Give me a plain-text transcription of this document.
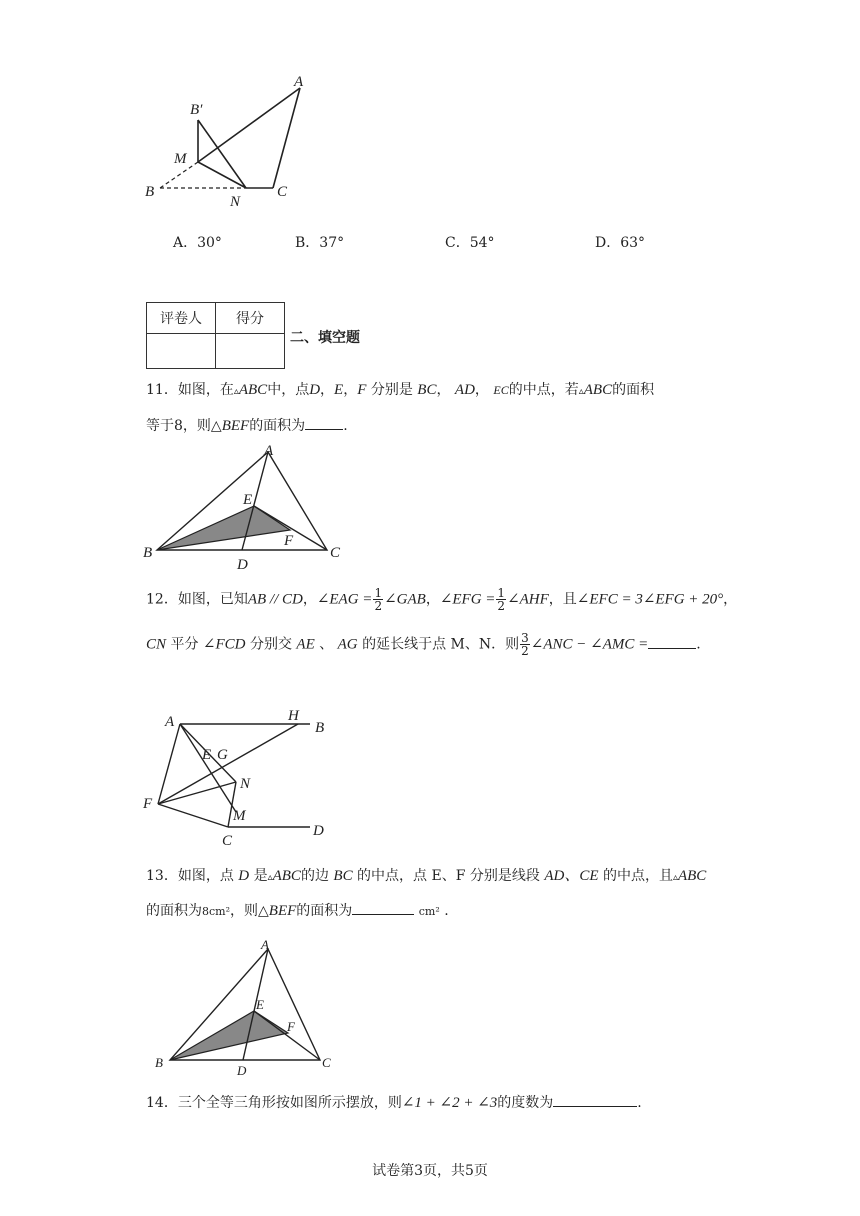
A
B′
M
B
N
C
A．30°	B．37°	C．54°	D．63°
评卷人	得分

二、填空题
11．如图，在▵ABC中，点D，E，F 分别是 BC， AD， EC的中点，若▵ABC的面积
等于8，则△BEF的面积为	.
A
E
F
B
D
C
12．如图，已知AB // CD，∠EAG = $\frac{1}{2}$ ∠GAB，∠EFG = $\frac{1}{2}$ ∠AHF，且∠EFC = 3∠EFG + 20°，
CN 平分 ∠FCD 分别交 AE 、 AG 的延长线于点 M、N．则 $\frac{3}{2}$ ∠ANC − ∠AMC =	.
A	H
B
E G
N
F
M
C
D
13．如图，点 D 是▵ABC的边 BC 的中点，点 E、F 分别是线段 AD、CE 的中点，且▵ABC
的面积为8cm²，则△BEF的面积为	cm² .
A
E
F
B
D
C
14．三个全等三角形按如图所示摆放，则∠1 + ∠2 + ∠3的度数为	.
试卷第3页，共5页
